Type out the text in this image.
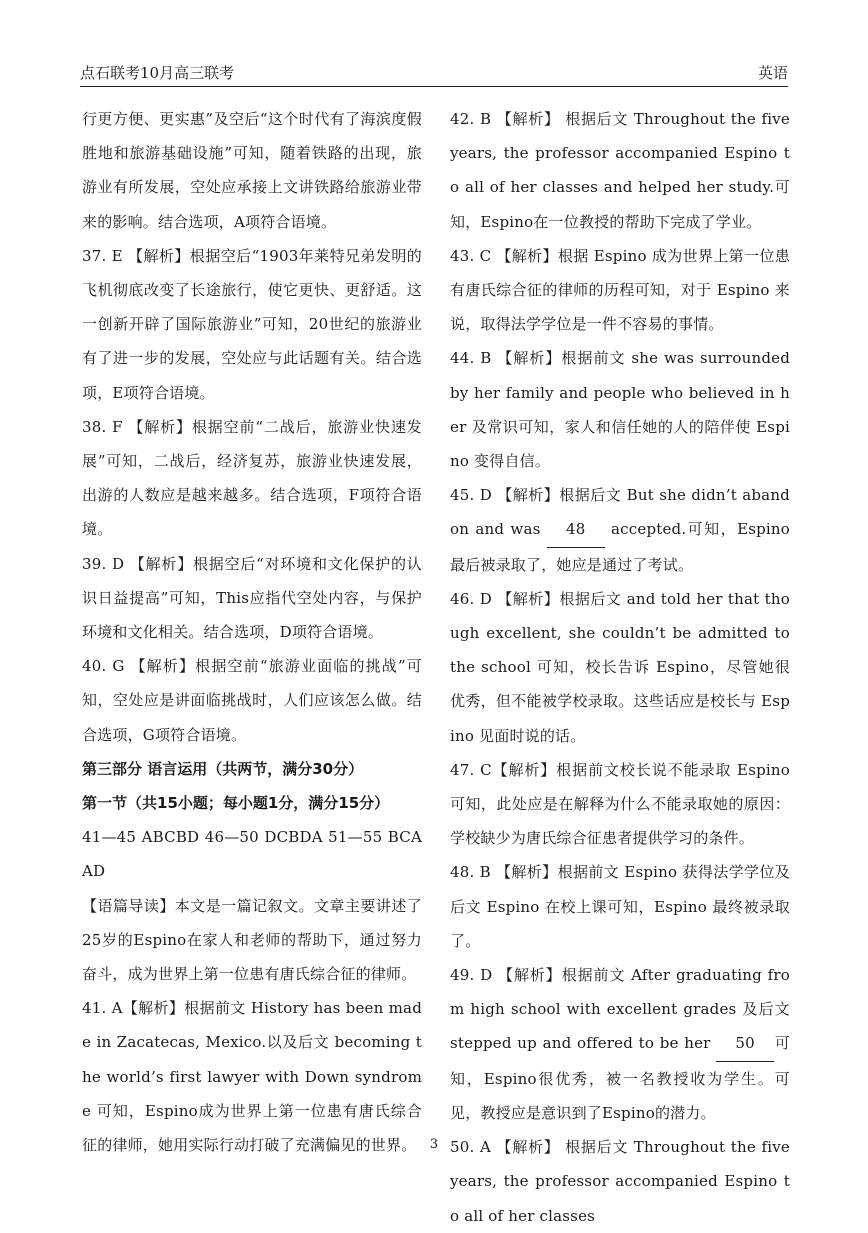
点石联考10月高三联考	英语

行更方便、更实惠”及空后“这个时代有了海滨度假胜地和旅游基础设施”可知，随着铁路的出现，旅游业有所发展，空处应承接上文讲铁路给旅游业带来的影响。结合选项，A项符合语境。

37. E 【解析】根据空后“1903年莱特兄弟发明的飞机彻底改变了长途旅行，使它更快、更舒适。这一创新开辟了国际旅游业”可知，20世纪的旅游业有了进一步的发展，空处应与此话题有关。结合选项，E项符合语境。

38. F 【解析】根据空前“二战后，旅游业快速发展”可知，二战后，经济复苏，旅游业快速发展，出游的人数应是越来越多。结合选项，F项符合语境。

39. D 【解析】根据空后“对环境和文化保护的认识日益提高”可知，This应指代空处内容，与保护环境和文化相关。结合选项，D项符合语境。

40. G 【解析】根据空前“旅游业面临的挑战”可知，空处应是讲面临挑战时，人们应该怎么做。结合选项，G项符合语境。

第三部分 语言运用（共两节，满分30分）

第一节（共15小题；每小题1分，满分15分）

41—45 ABCBD 46—50 DCBDA 51—55 BCAAD

【语篇导读】本文是一篇记叙文。文章主要讲述了25岁的Espino在家人和老师的帮助下，通过努力奋斗，成为世界上第一位患有唐氏综合征的律师。

41. A【解析】根据前文 History has been made in Zacatecas, Mexico.以及后文 becoming the world’s first lawyer with Down syndrome 可知，Espino成为世界上第一位患有唐氏综合征的律师，她用实际行动打破了充满偏见的世界。

42. B 【解析】 根据后文 Throughout the five years, the professor accompanied Espino to all of her classes and helped her study.可知，Espino在一位教授的帮助下完成了学业。

43. C 【解析】根据 Espino 成为世界上第一位患有唐氏综合征的律师的历程可知，对于 Espino 来说，取得法学学位是一件不容易的事情。

44. B 【解析】根据前文 she was surrounded by her family and people who believed in her 及常识可知，家人和信任她的人的陪伴使 Espino 变得自信。

45. D 【解析】根据后文 But she didn’t abandon and was 48 accepted.可知，Espino最后被录取了，她应是通过了考试。

46. D 【解析】根据后文 and told her that though excellent, she couldn’t be admitted to the school 可知，校长告诉 Espino，尽管她很优秀，但不能被学校录取。这些话应是校长与 Espino 见面时说的话。

47. C【解析】根据前文校长说不能录取 Espino 可知，此处应是在解释为什么不能录取她的原因：学校缺少为唐氏综合征患者提供学习的条件。

48. B 【解析】根据前文 Espino 获得法学学位及后文 Espino 在校上课可知，Espino 最终被录取了。

49. D 【解析】根据前文 After graduating from high school with excellent grades 及后文 stepped up and offered to be her 50 可知，Espino很优秀，被一名教授收为学生。可见，教授应是意识到了Espino的潜力。

50. A 【解析】 根据后文 Throughout the five years, the professor accompanied Espino to all of her classes

3
